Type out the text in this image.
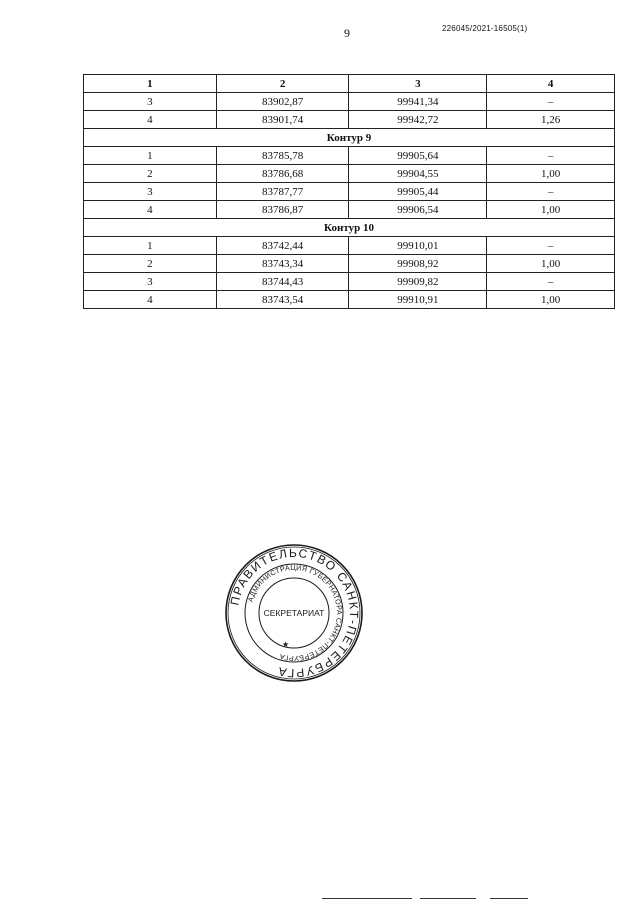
9	226045/2021-16505(1)
1	2	3	4
3	83902,87	99941,34	–
4	83901,74	99942,72	1,26
Контур 9			
1	83785,78	99905,64	–
2	83786,68	99904,55	1,00
3	83787,77	99905,44	–
4	83786,87	99906,54	1,00
Контур 10			
1	83742,44	99910,01	–
2	83743,34	99908,92	1,00
3	83744,43	99909,82	–
4	83743,54	99910,91	1,00
ПРАВИТЕЛЬСТВО САНКТ-ПЕТЕРБУРГА
АДМИНИСТРАЦИЯ ГУБЕРНАТОРА САНКТ-ПЕТЕРБУРГА
СЕКРЕТАРИАТ
★
